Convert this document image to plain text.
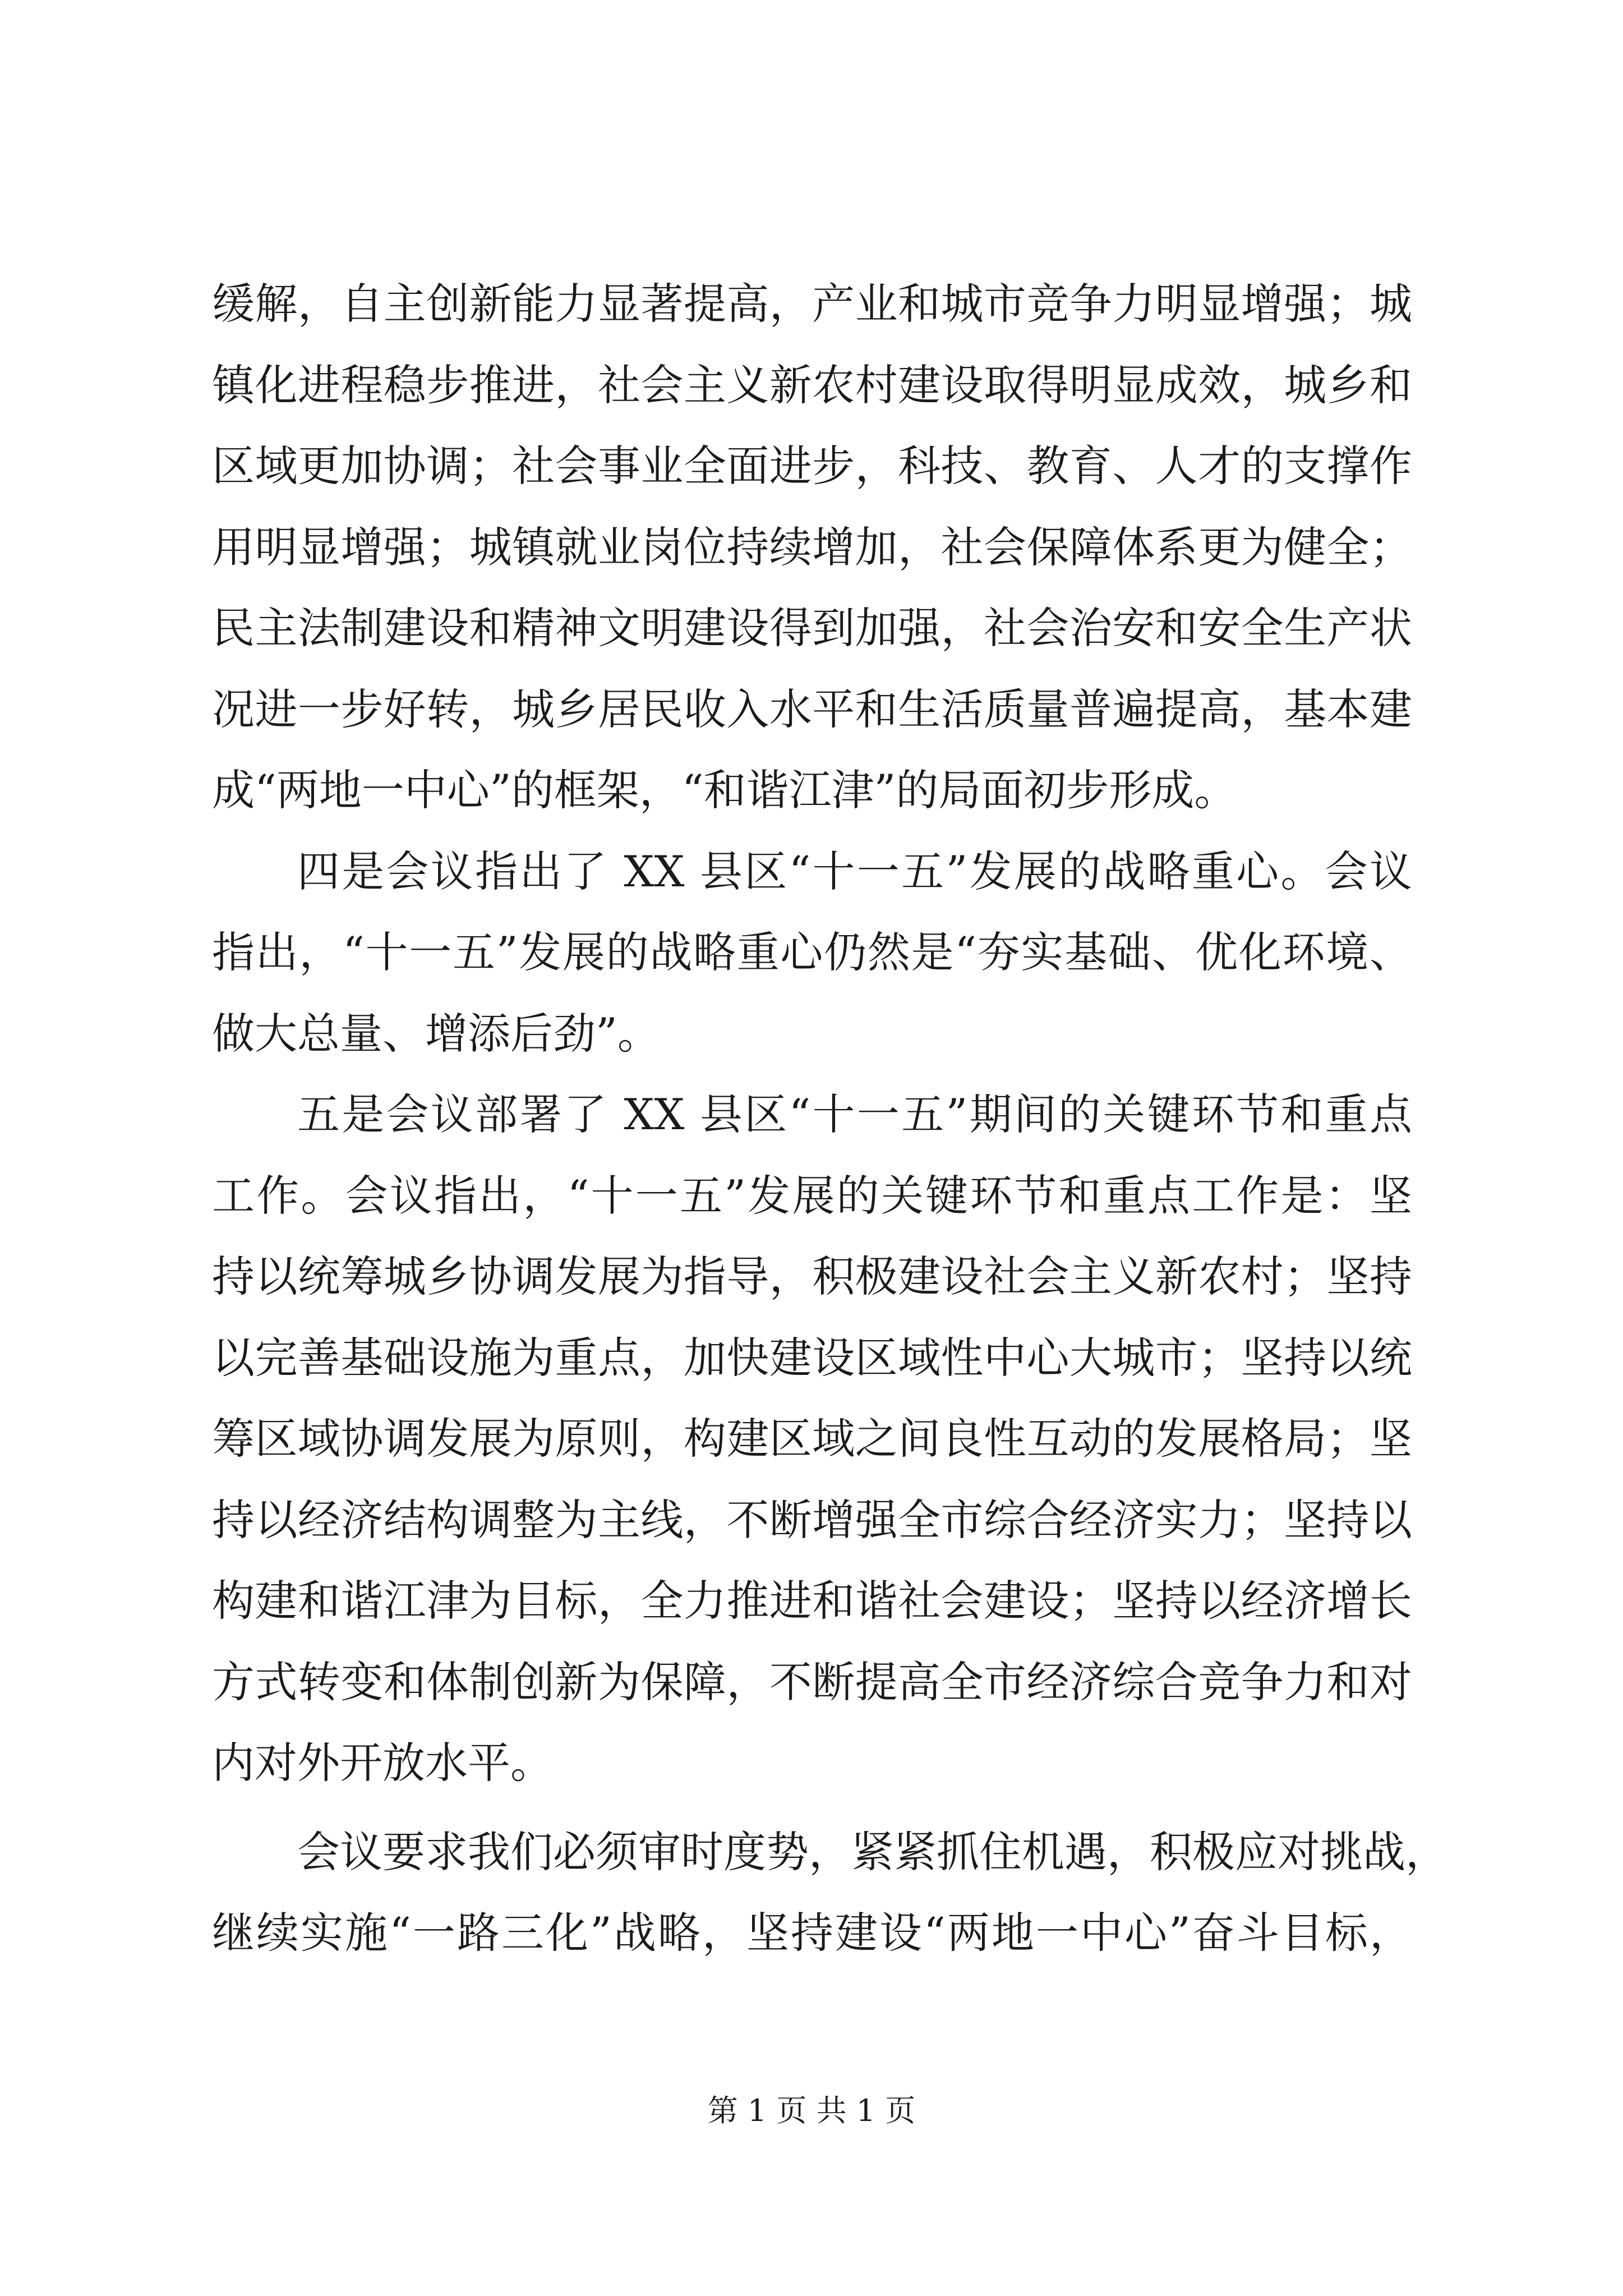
缓解，自主创新能力显著提高，产业和城市竞争力明显增强；城
镇化进程稳步推进，社会主义新农村建设取得明显成效，城乡和
区域更加协调；社会事业全面进步，科技、教育、人才的支撑作
用明显增强；城镇就业岗位持续增加，社会保障体系更为健全；
民主法制建设和精神文明建设得到加强，社会治安和安全生产状
况进一步好转，城乡居民收入水平和生活质量普遍提高，基本建
成“两地一中心”的框架，“和谐江津”的局面初步形成。
四是会议指出了 XX 县区“十一五”发展的战略重心。会议
指出，“十一五”发展的战略重心仍然是“夯实基础、优化环境、
做大总量、增添后劲”。
五是会议部署了 XX 县区“十一五”期间的关键环节和重点
工作。会议指出，“十一五”发展的关键环节和重点工作是：坚
持以统筹城乡协调发展为指导，积极建设社会主义新农村；坚持
以完善基础设施为重点，加快建设区域性中心大城市；坚持以统
筹区域协调发展为原则，构建区域之间良性互动的发展格局；坚
持以经济结构调整为主线，不断增强全市综合经济实力；坚持以
构建和谐江津为目标，全力推进和谐社会建设；坚持以经济增长
方式转变和体制创新为保障，不断提高全市经济综合竞争力和对
内对外开放水平。
会议要求我们必须审时度势，紧紧抓住机遇，积极应对挑战，
继续实施“一路三化”战略，坚持建设“两地一中心”奋斗目标，
第 1 页 共 1 页
